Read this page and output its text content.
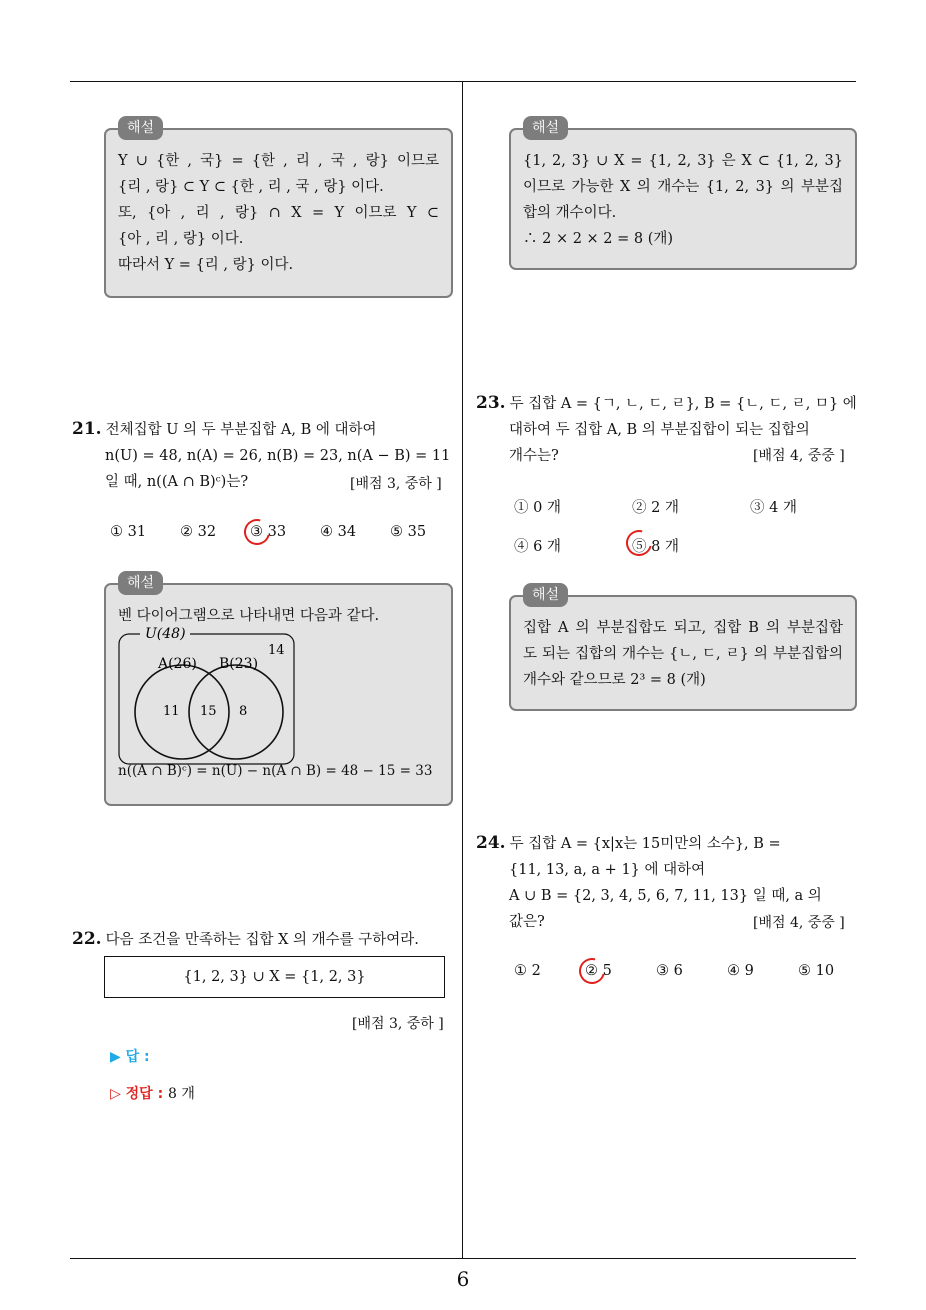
6
해설
Y ∪ {한 , 국} = {한 , 리 , 국 , 랑} 이므로
{리 , 랑} ⊂ Y ⊂ {한 , 리 , 국 , 랑} 이다.
또, {아 , 리 , 랑} ∩ X = Y 이므로 Y ⊂
{아 , 리 , 랑} 이다.
따라서 Y = {리 , 랑} 이다.
21. 전체집합 U 의 두 부분집합 A, B 에 대하여
n(U) = 48, n(A) = 26, n(B) = 23, n(A − B) = 11
일 때, n((A ∩ B)ᶜ)는?	[배점 3, 중하 ]
① 31	② 32	③ 33	④ 34	⑤ 35
해설
벤 다이어그램으로 나타내면 다음과 같다.
U(48)
14
A(26) B(23)
11 15 8
n((A ∩ B)ᶜ) = n(U) − n(A ∩ B) = 48 − 15 = 33
22. 다음 조건을 만족하는 집합 X 의 개수를 구하여라.
{1, 2, 3} ∪ X = {1, 2, 3}
[배점 3, 중하 ]
▶ 답 :
▷ 정답 : 8 개
해설
{1, 2, 3} ∪ X = {1, 2, 3} 은 X ⊂ {1, 2, 3}
이므로 가능한 X 의 개수는 {1, 2, 3} 의 부분집
합의 개수이다.
∴ 2 × 2 × 2 = 8 (개)
23. 두 집합 A = {ㄱ, ㄴ, ㄷ, ㄹ}, B = {ㄴ, ㄷ, ㄹ, ㅁ} 에
대하여 두 집합 A, B 의 부분집합이 되는 집합의
개수는?	[배점 4, 중중 ]
① 0 개	② 2 개	③ 4 개
④ 6 개	⑤ 8 개
해설
집합 A 의 부분집합도 되고, 집합 B 의 부분집합
도 되는 집합의 개수는 {ㄴ, ㄷ, ㄹ} 의 부분집합의
개수와 같으므로 2³ = 8 (개)
24. 두 집합 A = {x|x는 15미만의 소수}, B =
{11, 13, a, a + 1} 에 대하여
A ∪ B = {2, 3, 4, 5, 6, 7, 11, 13} 일 때, a 의
값은?	[배점 4, 중중 ]
① 2	② 5	③ 6	④ 9	⑤ 10
